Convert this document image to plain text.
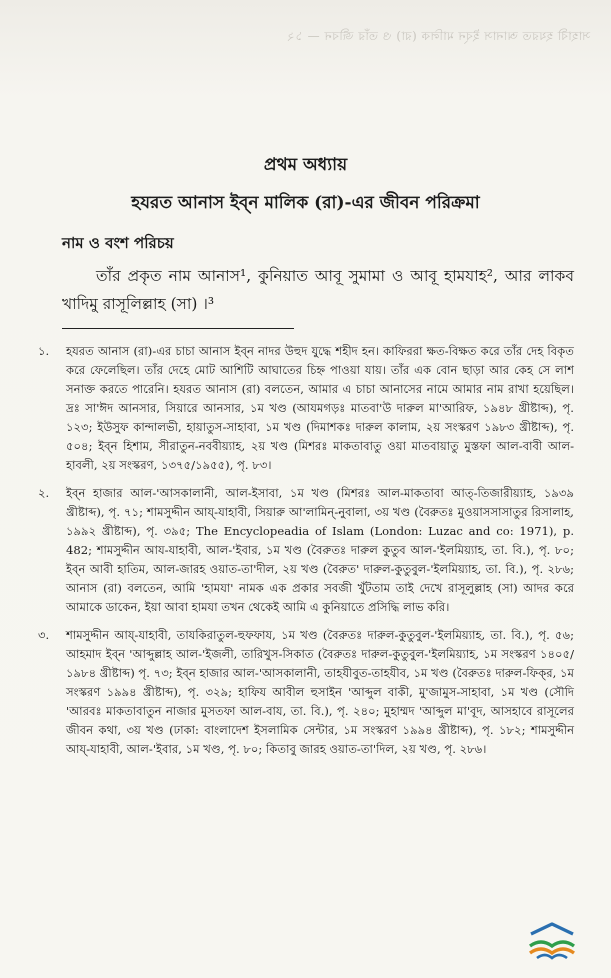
সাহাবী হযরত আনাস ইব্‌ন মালিক (রা) ও তাঁর জীবন — ১২
প্রথম অধ্যায়
হযরত আনাস ইব্‌ন মালিক (রা)-এর জীবন পরিক্রমা
নাম ও বংশ পরিচয়
তাঁর প্রকৃত নাম আনাস¹, কুনিয়াত আবূ সুমামা ও আবূ হামযাহ², আর লাকব খাদিমু রাসূলিল্লাহ (সা) ।³
১.	হযরত আনাস (রা)-এর চাচা আনাস ইব্‌ন নাদর উহুদ যুদ্ধে শহীদ হন। কাফিররা ক্ষত-বিক্ষত করে তাঁর দেহ বিকৃত করে ফেলেছিল। তাঁর দেহে মোট আশিটি আঘাতের চিহ্ন পাওয়া যায়। তাঁর এক বোন ছাড়া আর কেহ সে লাশ সনাক্ত করতে পারেনি। হযরত আনাস (রা) বলতেন, আমার এ চাচা আনাসের নামে আমার নাম রাখা হয়েছিল। দ্রঃ সা'ঈদ আনসার, সিয়ারে আনসার, ১ম খণ্ড (আযমগড়ঃ মাতবা'উ দারুল মা'আরিফ, ১৯৪৮ খ্রীষ্টাব্দ), পৃ. ১২৩; ইউসুফ কান্দালভী, হায়াতুস-সাহাবা, ১ম খণ্ড (দিমাশকঃ দারুল কালাম, ২য় সংস্করণ ১৯৮৩ খ্রীষ্টাব্দ), পৃ. ৫০৪; ইব্‌ন হিশাম, সীরাতুন-নববীয়্যাহ, ২য় খণ্ড (মিশরঃ মাকতাবাতু ওয়া মাতবায়াতু মুস্তফা আল-বাবী আল-হাবলী, ২য় সংস্করণ, ১৩৭৫/১৯৫৫), পৃ. ৮৩।
২.	ইব্‌ন হাজার আল-'আসকালানী, আল-ইসাবা, ১ম খণ্ড (মিশরঃ আল-মাকতাবা আত্‌-তিজারীয়্যাহ, ১৯৩৯ খ্রীষ্টাব্দ), পৃ. ৭১; শামসুদ্দীন আয্‌-যাহাবী, সিয়ারু আ'লামিন্‌-নুবালা, ৩য় খণ্ড (বৈরুতঃ মুওয়াসসাসাতুর রিসালাহ, ১৯৯২ খ্রীষ্টাব্দ), পৃ. ৩৯৫; The Encyclopeadia of Islam (London: Luzac and co: 1971), p. 482; শামসুদ্দীন আয-যাহাবী, আল-'ইবার, ১ম খণ্ড (বৈরুতঃ দারুল কুতুব আল-'ইলমিয়্যাহ, তা. বি.), পৃ. ৮০; ইব্‌ন আবী হাতিম, আল-জারহ ওয়াত-তা'দীল, ২য় খণ্ড (বৈরুত' দারুল-কুতুবুল-'ইলমিয়্যাহ, তা. বি.), পৃ. ২৮৬; আনাস (রা) বলতেন, আমি 'হামযা' নামক এক প্রকার সবজী খুঁটতাম তাই দেখে রাসূলুল্লাহ (সা) আদর করে আমাকে ডাকেন, ইয়া আবা হামযা তখন থেকেই আমি এ কুনিয়াতে প্রসিদ্ধি লাভ করি।
৩.	শামসুদ্দীন আয্‌-যাহাবী, তাযকিরাতুল-হুফফায, ১ম খণ্ড (বৈরুতঃ দারুল-কুতুবুল-'ইলমিয়্যাহ, তা. বি.), পৃ. ৫৬; আহমাদ ইব্‌ন 'আব্দুল্লাহ আল-'ইজলী, তারিখুস-সিকাত (বৈরুতঃ দারুল-কুতুবুল-'ইলমিয়্যাহ, ১ম সংস্করণ ১৪০৫/ ১৯৮৪ খ্রীষ্টাব্দ) পৃ. ৭৩; ইব্‌ন হাজার আল-'আসকালানী, তাহযীবুত-তাহযীব, ১ম খণ্ড (বৈরুতঃ দারুল-ফিক্‌র, ১ম সংস্করণ ১৯৯৪ খ্রীষ্টাব্দ), পৃ. ৩২৯; হাফিয আবীল হুসাইন 'আব্দুল বাকী, মু'জামুস-সাহাবা, ১ম খণ্ড (সৌদি 'আরবঃ মাকতাবাতুন নাজার মুসতফা আল-বায, তা. বি.), পৃ. ২৪০; মুহাম্মদ 'আব্দুল মা'বূদ, আসহাবে রাসূলের জীবন কথা, ৩য় খণ্ড (ঢাকা: বাংলাদেশ ইসলামিক সেন্টার, ১ম সংস্করণ ১৯৯৪ খ্রীষ্টাব্দ), পৃ. ১৮২; শামসুদ্দীন আয্‌-যাহাবী, আল-'ইবার, ১ম খণ্ড, পৃ. ৮০; কিতাবু জারহ ওয়াত-তা'দিল, ২য় খণ্ড, পৃ. ২৮৬।
